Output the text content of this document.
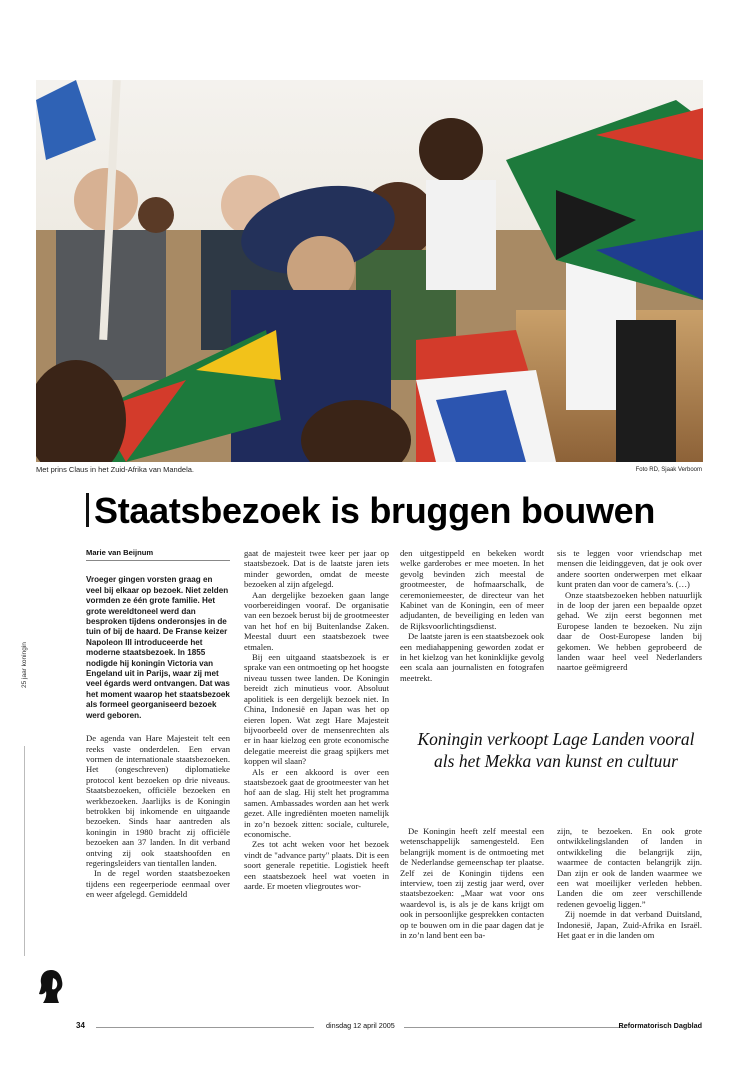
Met prins Claus in het Zuid-Afrika van Mandela.	Foto RD, Sjaak Verboom
Staatsbezoek is bruggen bouwen
25 jaar koningin
Marie van Beijnum
Vroeger gingen vorsten graag en veel bij elkaar op bezoek. Niet zelden vormden ze één grote familie. Het grote wereldtoneel werd dan besproken tijdens onderonsjes in de tuin of bij de haard. De Franse keizer Napoleon III introduceerde het moderne staatsbezoek. In 1855 nodigde hij koningin Victoria van Engeland uit in Parijs, waar zij met veel égards werd ontvangen. Dat was het moment waarop het staatsbezoek als formeel georganiseerd bezoek werd geboren.

De agenda van Hare Majesteit telt een reeks vaste onderdelen. Een ervan vormen de internationale staatsbezoeken. Het (ongeschreven) diplomatieke protocol kent bezoeken op drie niveaus. Staatsbezoeken, officiële bezoeken en werkbezoeken. Jaarlijks is de Koningin betrokken bij inkomende en uitgaande bezoeken. Sinds haar aantreden als koningin in 1980 bracht zij officiële bezoeken aan 37 landen. In dit verband ontving zij ook staatshoofden en regeringsleiders van tientallen landen.

In de regel worden staatsbezoeken tijdens een regeerperiode eenmaal over en weer afgelegd. Gemiddeld

gaat de majesteit twee keer per jaar op staatsbezoek. Dat is de laatste jaren iets minder geworden, omdat de meeste bezoeken al zijn afgelegd.

Aan dergelijke bezoeken gaan lange voorbereidingen vooraf. De organisatie van een bezoek berust bij de grootmeester van het hof en bij Buitenlandse Zaken. Meestal duurt een staatsbezoek twee etmalen.

Bij een uitgaand staatsbezoek is er sprake van een ontmoeting op het hoogste niveau tussen twee landen. De Koningin bereidt zich minutieus voor. Absoluut apolitiek is een dergelijk bezoek niet. In China, Indonesië en Japan was het op eieren lopen. Wat zegt Hare Majesteit bijvoorbeeld over de mensenrechten als er in haar kielzog een grote economische delegatie meereist die graag spijkers met koppen wil slaan?

Als er een akkoord is over een staatsbezoek gaat de grootmeester van het hof aan de slag. Hij stelt het programma samen. Ambassades worden aan het werk gezet. Alle ingrediënten moeten namelijk in zo’n bezoek zitten: sociale, culturele, economische.

Zes tot acht weken voor het bezoek vindt de "advance party" plaats. Dit is een soort generale repetitie. Logistiek heeft een staatsbezoek heel wat voeten in aarde. Er moeten vliegroutes wor-

den uitgestippeld en bekeken wordt welke garderobes er mee moeten. In het gevolg bevinden zich meestal de grootmeester, de hofmaarschalk, de ceremoniemeester, de directeur van het Kabinet van de Koningin, een of meer adjudanten, de beveiliging en leden van de Rijksvoorlichtingsdienst.

De laatste jaren is een staatsbezoek ook een mediahappening geworden zodat er in het kielzog van het koninklijke gevolg een scala aan journalisten en fotografen meetrekt.

sis te leggen voor vriendschap met mensen die leidinggeven, dat je ook over andere soorten onderwerpen met elkaar kunt praten dan voor de camera’s. (…)

Onze staatsbezoeken hebben natuurlijk in de loop der jaren een bepaalde opzet gehad. We zijn eerst begonnen met Europese landen te bezoeken. Nu zijn daar de Oost-Europese landen bij gekomen. We hebben geprobeerd de landen waar heel veel Nederlanders naartoe geëmigreerd

Koningin verkoopt Lage Landen vooral als het Mekka van kunst en cultuur

De Koningin heeft zelf meestal een wetenschappelijk samengesteld. Een belangrijk moment is de ontmoeting met de Nederlandse gemeenschap ter plaatse. Zelf zei de Koningin tijdens een interview, toen zij zestig jaar werd, over staatsbezoeken: „Maar wat voor ons waardevol is, is als je de kans krijgt om ook in persoonlijke gesprekken contacten op te bouwen om in die paar dagen dat je in zo’n land bent een ba-

zijn, te bezoeken. En ook grote ontwikkelingslanden of landen in ontwikkeling die belangrijk zijn, waarmee de contacten belangrijk zijn. Dan zijn er ook de landen waarmee we een wat moeilijker verleden hebben. Landen die om zeer verschillende redenen gevoelig liggen.”

Zij noemde in dat verband Duitsland, Indonesië, Japan, Zuid-Afrika en Israël. Het gaat er in die landen om

34	dinsdag 12 april 2005	Reformatorisch Dagblad
